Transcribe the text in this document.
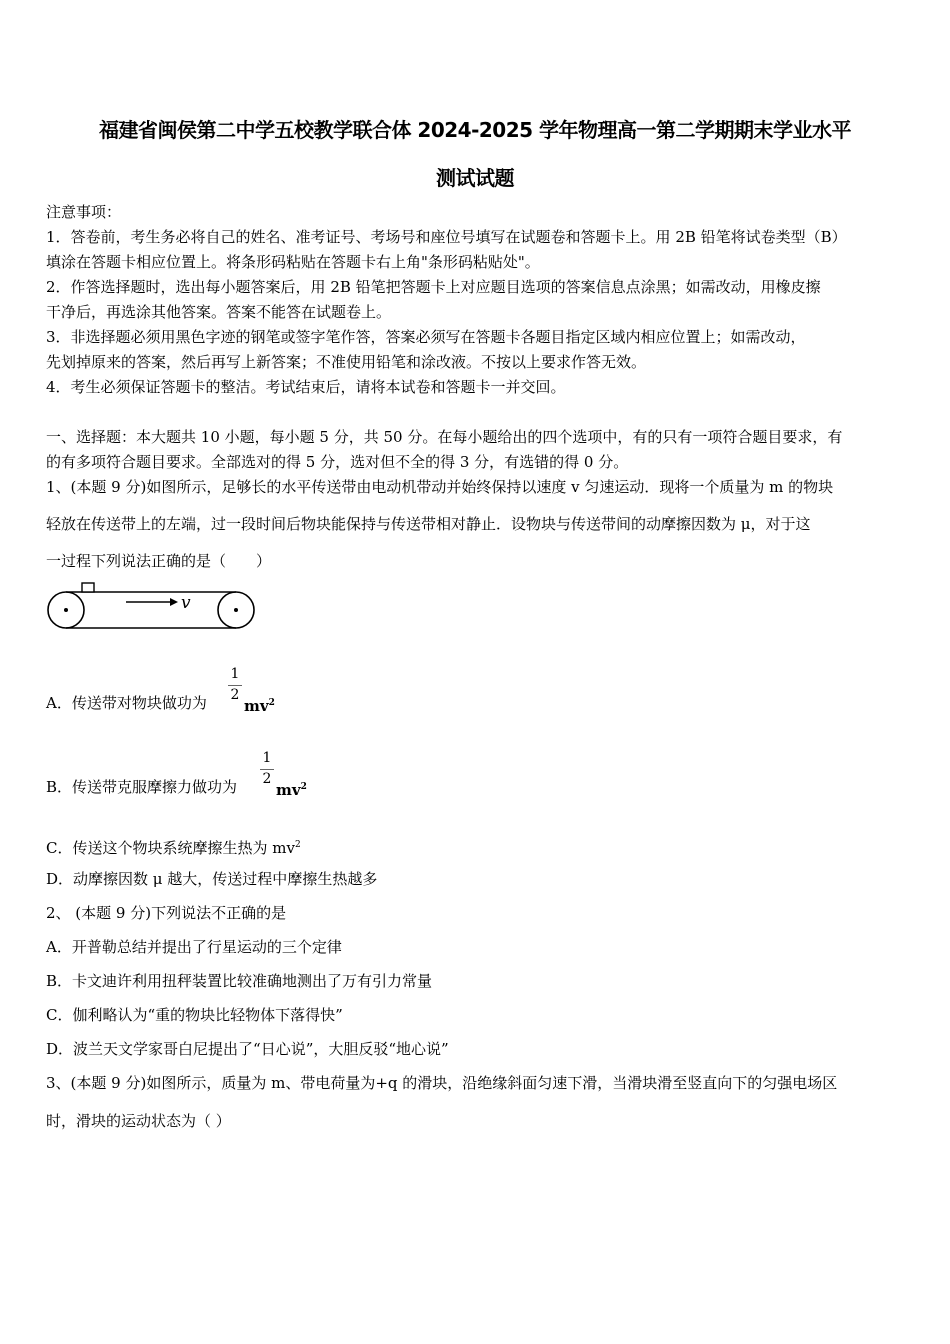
福建省闽侯第二中学五校教学联合体 2024-2025 学年物理高一第二学期期末学业水平
测试试题
注意事项：
1．答卷前，考生务必将自己的姓名、准考证号、考场号和座位号填写在试题卷和答题卡上。用 2B 铅笔将试卷类型（B）
填涂在答题卡相应位置上。将条形码粘贴在答题卡右上角"条形码粘贴处"。
2．作答选择题时，选出每小题答案后，用 2B 铅笔把答题卡上对应题目选项的答案信息点涂黑；如需改动，用橡皮擦
干净后，再选涂其他答案。答案不能答在试题卷上。
3．非选择题必须用黑色字迹的钢笔或签字笔作答，答案必须写在答题卡各题目指定区域内相应位置上；如需改动，
先划掉原来的答案，然后再写上新答案；不准使用铅笔和涂改液。不按以上要求作答无效。
4．考生必须保证答题卡的整洁。考试结束后，请将本试卷和答题卡一并交回。
一、选择题：本大题共 10 小题，每小题 5 分，共 50 分。在每小题给出的四个选项中，有的只有一项符合题目要求，有
的有多项符合题目要求。全部选对的得 5 分，选对但不全的得 3 分，有选错的得 0 分。
1、(本题 9 分)如图所示，足够长的水平传送带由电动机带动并始终保持以速度 v 匀速运动．现将一个质量为 m 的物块
轻放在传送带上的左端，过一段时间后物块能保持与传送带相对静止．设物块与传送带间的动摩擦因数为 μ，对于这
一过程下列说法正确的是（　　）
v
A．传送带对物块做功为
1
2
$mv^2$
B．传送带克服摩擦力做功为
1
2
$mv^2$
C．传送这个物块系统摩擦生热为 $mv^2$
D．动摩擦因数 μ 越大，传送过程中摩擦生热越多
2、 (本题 9 分)下列说法不正确的是
A．开普勒总结并提出了行星运动的三个定律
B．卡文迪许利用扭秤装置比较准确地测出了万有引力常量
C．伽利略认为“重的物块比轻物体下落得快”
D．波兰天文学家哥白尼提出了“日心说”，大胆反驳“地心说”
3、(本题 9 分)如图所示，质量为 m、带电荷量为+q 的滑块，沿绝缘斜面匀速下滑，当滑块滑至竖直向下的匀强电场区
时，滑块的运动状态为（ ）
